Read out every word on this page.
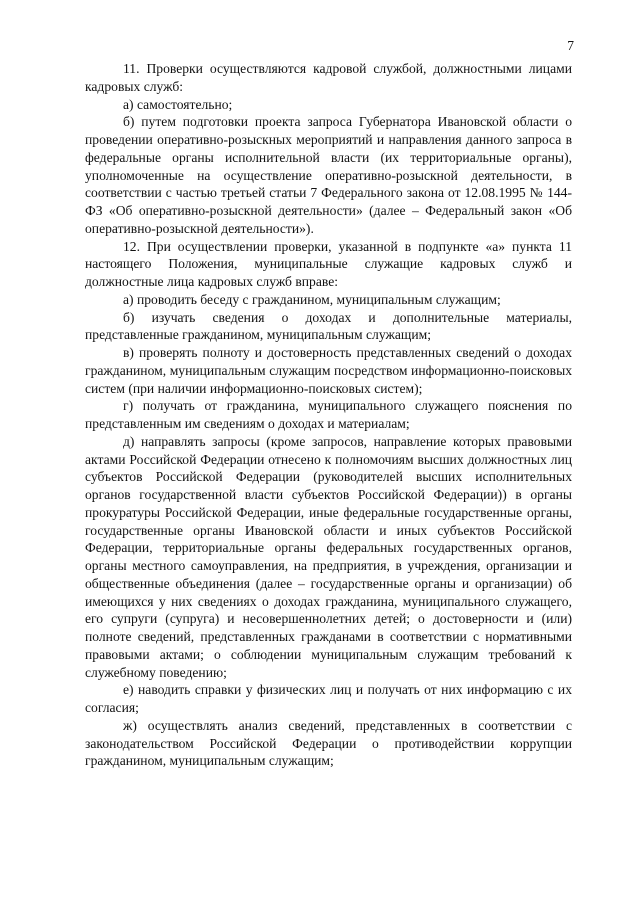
7

11. Проверки осуществляются кадровой службой, должностными лицами кадровых служб:

а) самостоятельно;

б) путем подготовки проекта запроса Губернатора Ивановской области о проведении оперативно-розыскных мероприятий и направления данного запроса в федеральные органы исполнительной власти (их территориальные органы), уполномоченные на осуществление оперативно-розыскной деятельности, в соответствии с частью третьей статьи 7 Федерального закона от 12.08.1995 № 144-ФЗ «Об оперативно-розыскной деятельности» (далее – Федеральный закон «Об оперативно-розыскной деятельности»).

12. При осуществлении проверки, указанной в подпункте «а» пункта 11 настоящего Положения, муниципальные служащие кадровых служб и должностные лица кадровых служб вправе:

а) проводить беседу с гражданином, муниципальным служащим;

б) изучать сведения о доходах и дополнительные материалы, представленные гражданином, муниципальным служащим;

в) проверять полноту и достоверность представленных сведений о доходах гражданином, муниципальным служащим посредством информационно-поисковых систем (при наличии информационно-поисковых систем);

г) получать от гражданина, муниципального служащего пояснения по представленным им сведениям о доходах и материалам;

д) направлять запросы (кроме запросов, направление которых правовыми актами Российской Федерации отнесено к полномочиям высших должностных лиц субъектов Российской Федерации (руководителей высших исполнительных органов государственной власти субъектов Российской Федерации)) в органы прокуратуры Российской Федерации, иные федеральные государственные органы, государственные органы Ивановской области и иных субъектов Российской Федерации, территориальные органы федеральных государственных органов, органы местного самоуправления, на предприятия, в учреждения, организации и общественные объединения (далее – государственные органы и организации) об имеющихся у них сведениях о доходах гражданина, муниципального служащего, его супруги (супруга) и несовершеннолетних детей; о достоверности и (или) полноте сведений, представленных гражданами в соответствии с нормативными правовыми актами; о соблюдении муниципальным служащим требований к служебному поведению;

е) наводить справки у физических лиц и получать от них информацию с их согласия;

ж) осуществлять анализ сведений, представленных в соответствии с законодательством Российской Федерации о противодействии коррупции гражданином, муниципальным служащим;
